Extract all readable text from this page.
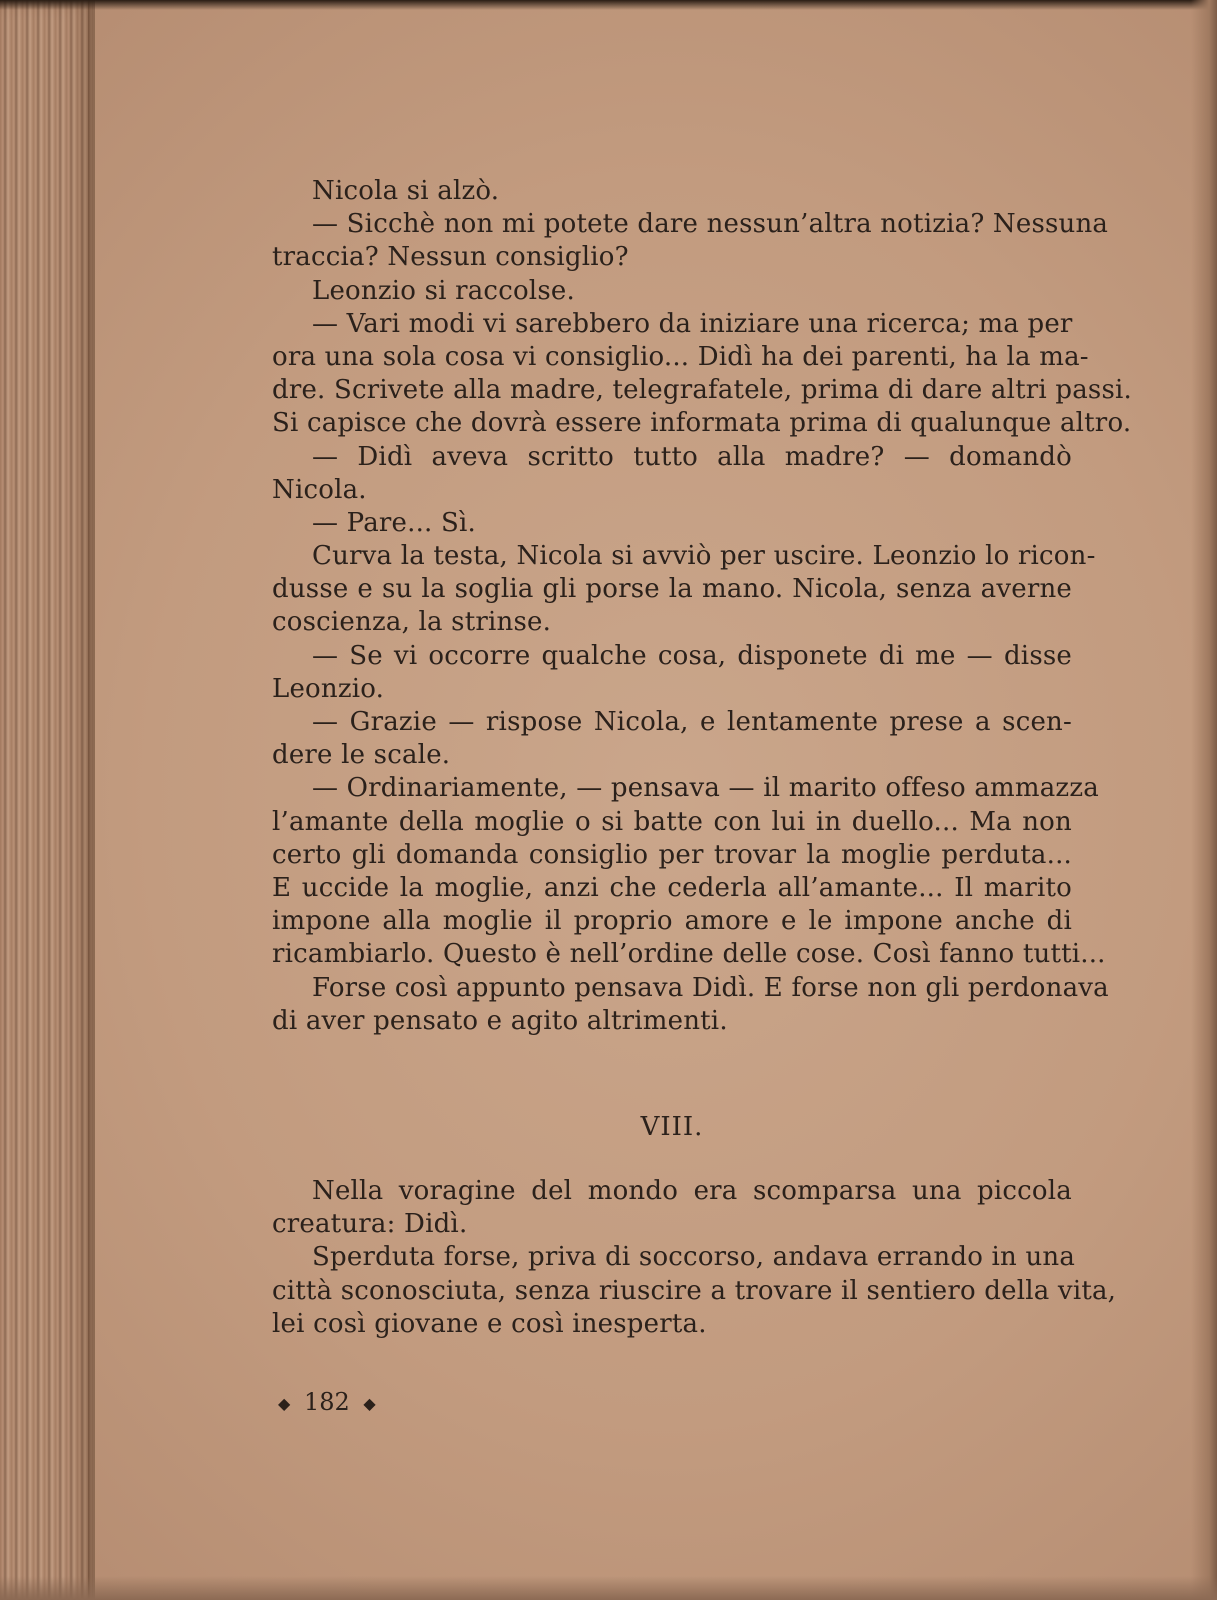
Nicola si alzò.
— Sicchè non mi potete dare nessun’altra notizia? Nessuna
traccia? Nessun consiglio?
Leonzio si raccolse.
— Vari modi vi sarebbero da iniziare una ricerca; ma per
ora una sola cosa vi consiglio... Didì ha dei parenti, ha la ma-
dre. Scrivete alla madre, telegrafatele, prima di dare altri passi.
Si capisce che dovrà essere informata prima di qualunque altro.
— Didì aveva scritto tutto alla madre? — domandò
Nicola.
— Pare... Sì.
Curva la testa, Nicola si avviò per uscire. Leonzio lo ricon-
dusse e su la soglia gli porse la mano. Nicola, senza averne
coscienza, la strinse.
— Se vi occorre qualche cosa, disponete di me — disse
Leonzio.
— Grazie — rispose Nicola, e lentamente prese a scen-
dere le scale.
— Ordinariamente, — pensava — il marito offeso ammazza
l’amante della moglie o si batte con lui in duello... Ma non
certo gli domanda consiglio per trovar la moglie perduta...
E uccide la moglie, anzi che cederla all’amante... Il marito
impone alla moglie il proprio amore e le impone anche di
ricambiarlo. Questo è nell’ordine delle cose. Così fanno tutti...
Forse così appunto pensava Didì. E forse non gli perdonava
di aver pensato e agito altrimenti.
VIII.
Nella voragine del mondo era scomparsa una piccola
creatura: Didì.
Sperduta forse, priva di soccorso, andava errando in una
città sconosciuta, senza riuscire a trovare il sentiero della vita,
lei così giovane e così inesperta.
◆ 182 ◆
